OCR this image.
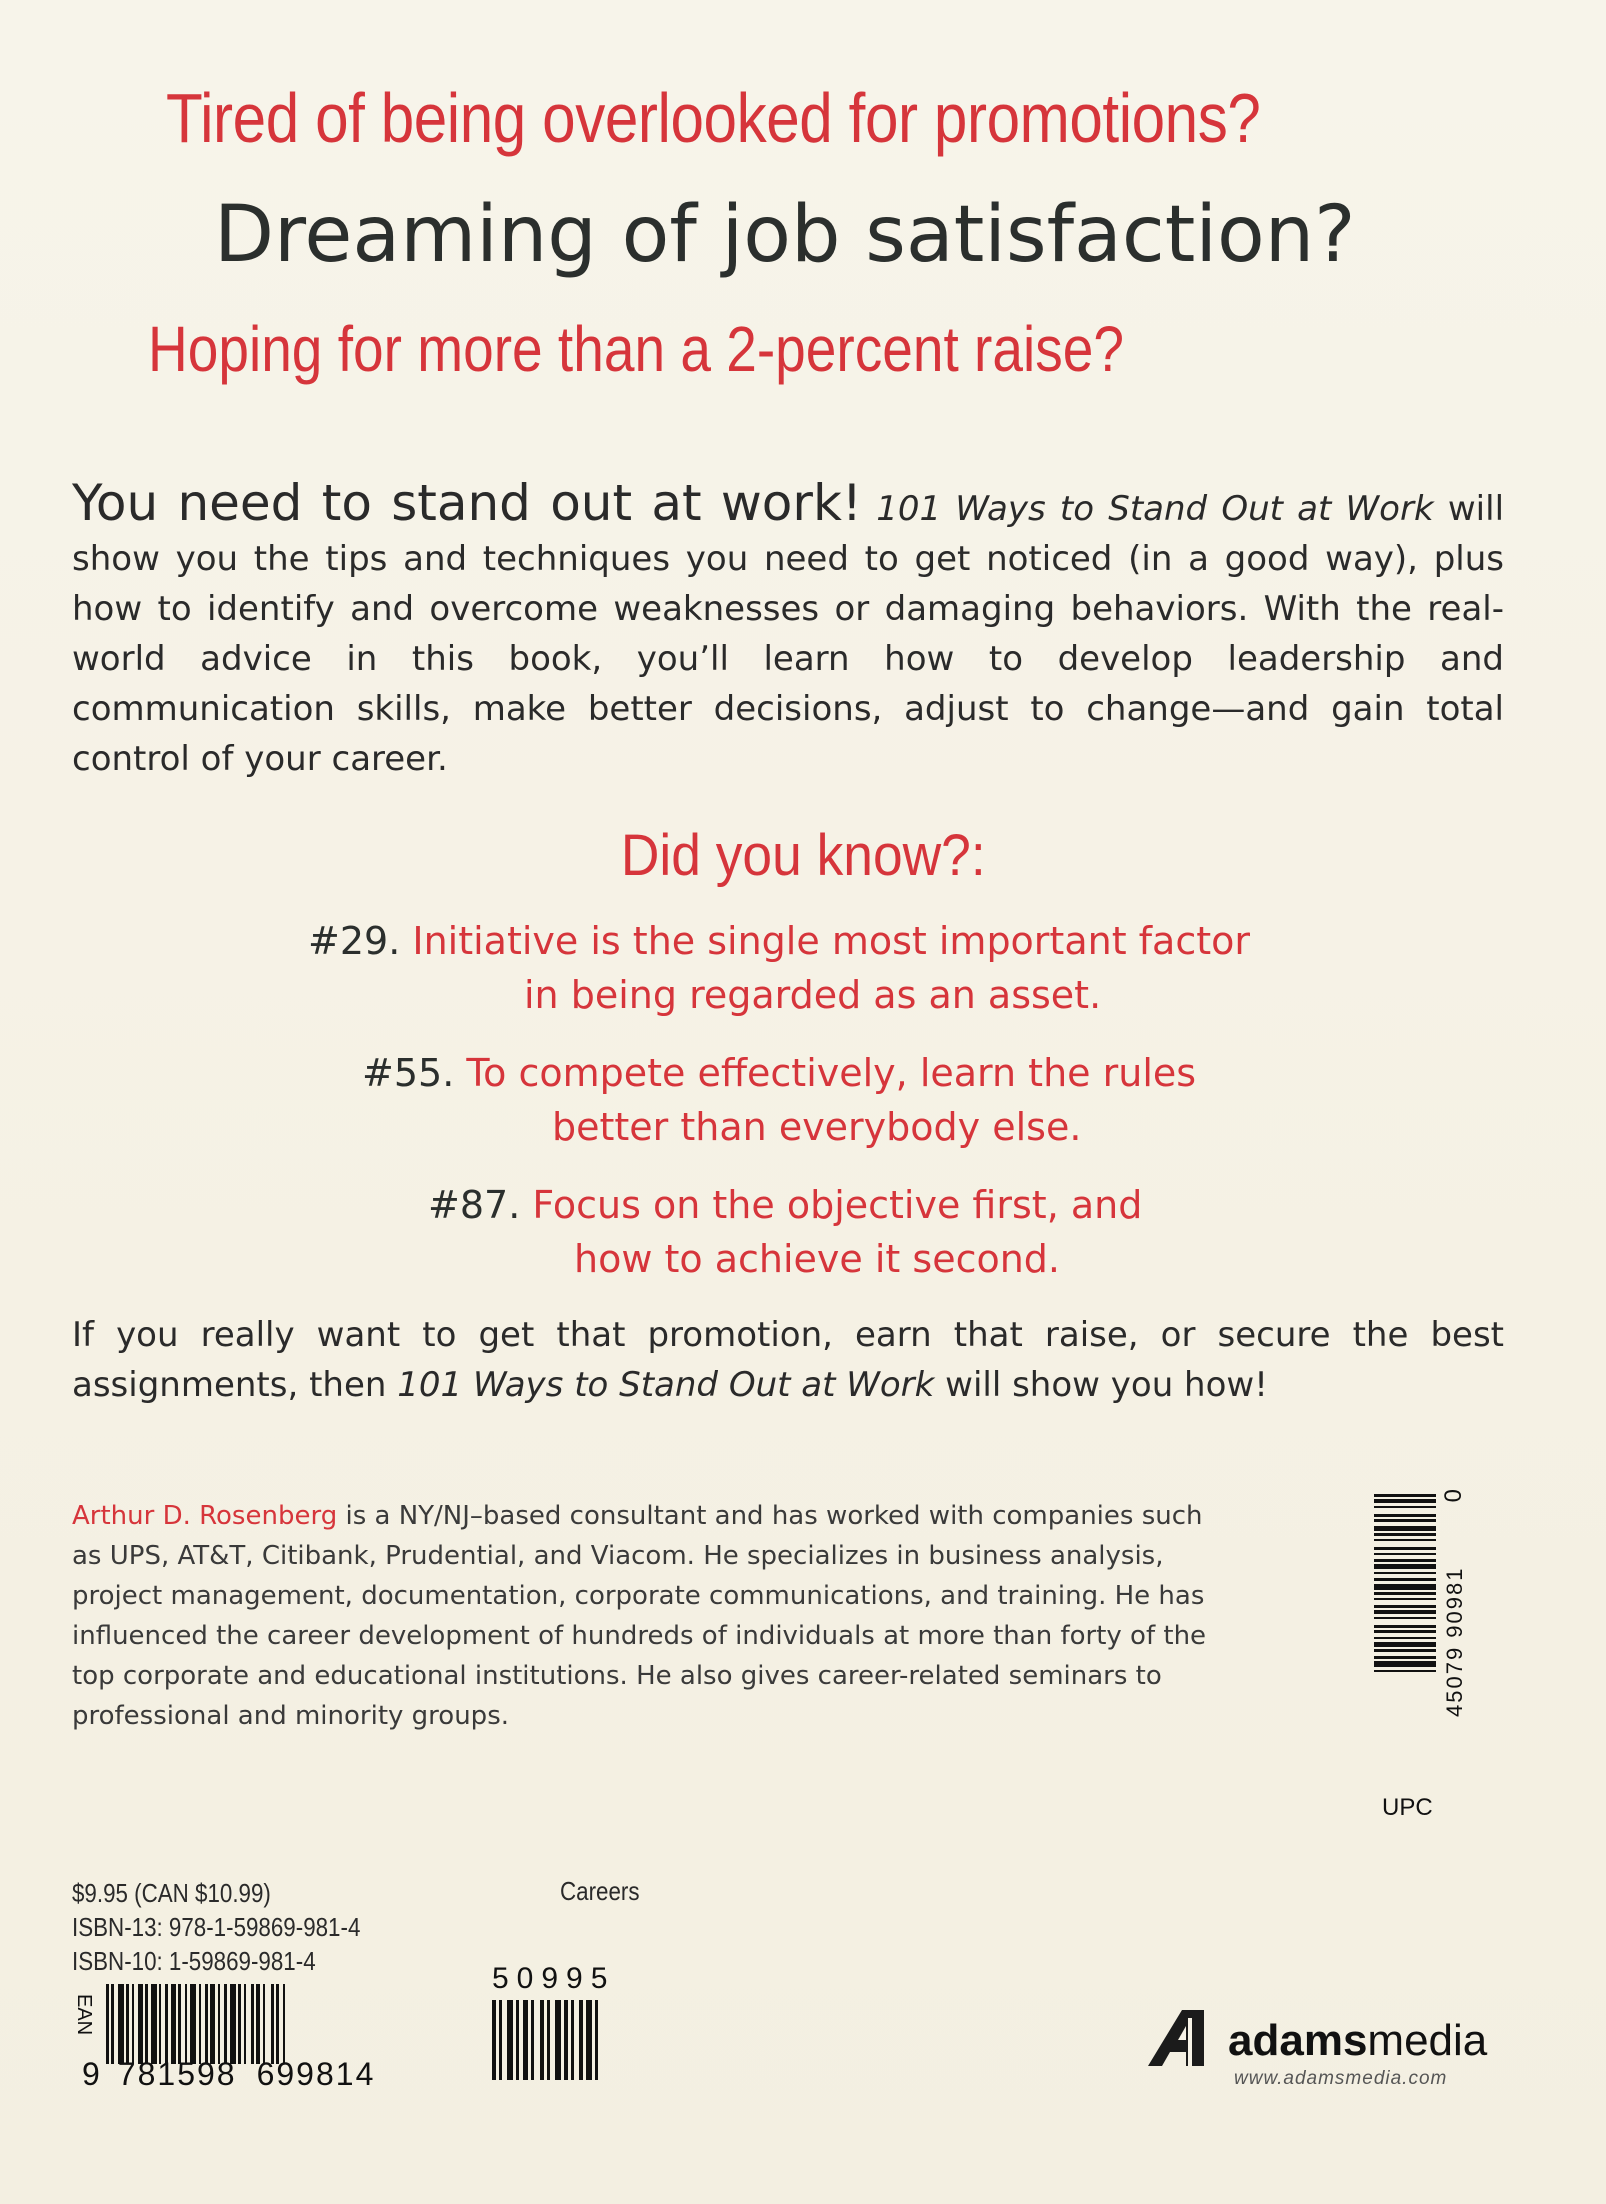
Tired of being overlooked for promotions?
Dreaming of job satisfaction?
Hoping for more than a 2-percent raise?
You need to stand out at work! 101 Ways to Stand Out at Work will show you the tips and techniques you need to get noticed (in a good way), plus how to identify and overcome weaknesses or damaging behaviors. With the real-world advice in this book, you’ll learn how to develop leadership and communication skills, make better decisions, adjust to change—and gain total control of your career.
Did you know?:
#29. Initiative is the single most important factor
in being regarded as an asset.
#55. To compete effectively, learn the rules
better than everybody else.
#87. Focus on the objective first, and
how to achieve it second.
If you really want to get that promotion, earn that raise, or secure the best assignments, then 101 Ways to Stand Out at Work will show you how!
Arthur D. Rosenberg is a NY/NJ–based consultant and has worked with companies such as UPS, AT&T, Citibank, Prudential, and Viacom. He specializes in business analysis, project management, documentation, corporate communications, and training. He has influenced the career development of hundreds of individuals at more than forty of the top corporate and educational institutions. He also gives career-related seminars to professional and minority groups.
0
45079 90981
UPC
$9.95 (CAN $10.99)
ISBN-13: 978-1-59869-981-4
ISBN-10: 1-59869-981-4
Careers
EAN
9 781598 699814
50995
adamsmedia
www.adamsmedia.com
